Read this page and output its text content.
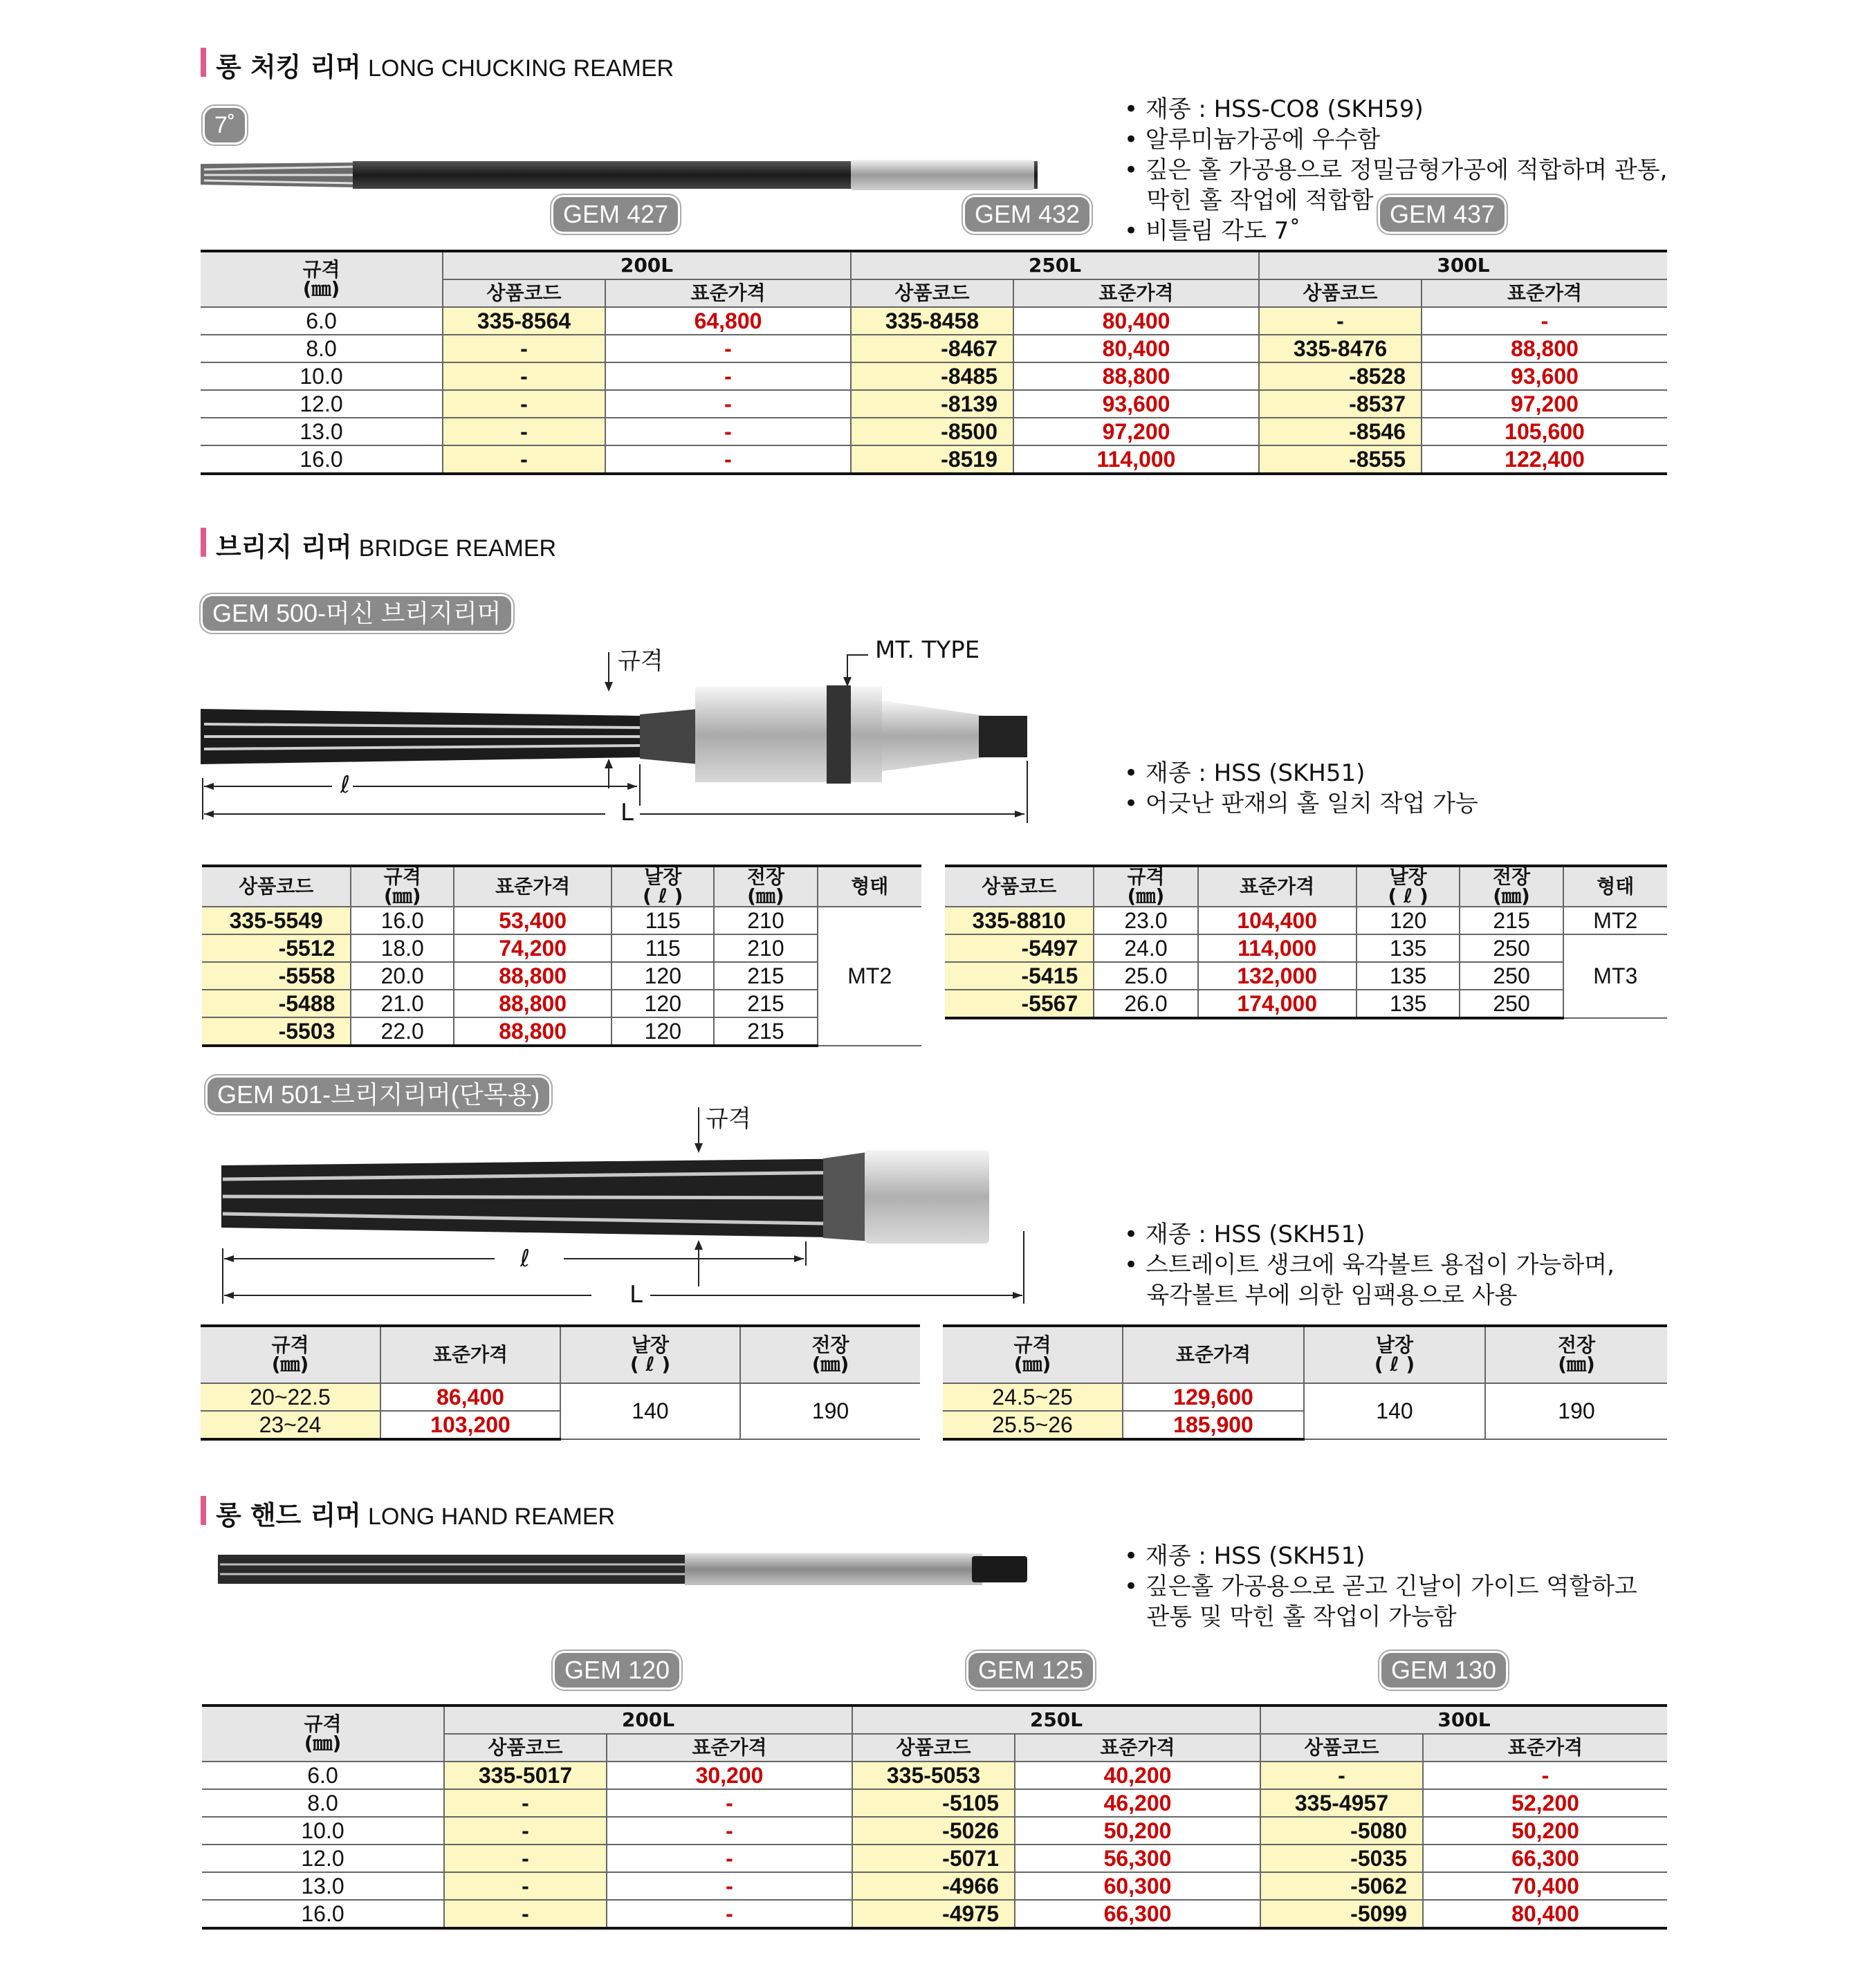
롱 처킹 리머 LONG CHUCKING REAMER
7˚
GEM 427	GEM 432	GEM 437
• 재종 : HSS-CO8 (SKH59)
• 알루미늄가공에 우수함
• 깊은 홀 가공용으로 정밀금형가공에 적합하며 관통,
막힌 홀 작업에 적합함
• 비틀림 각도 7˚
규격
(㎜)	200L		250L		300L	
	상품코드	표준가격	상품코드	표준가격	상품코드	표준가격
6.0	335-8564	64,800	335-8458	80,400	-	-
8.0	-	-	-8467	80,400	335-8476	88,800
10.0	-	-	-8485	88,800	-8528	93,600
12.0	-	-	-8139	93,600	-8537	97,200
13.0	-	-	-8500	97,200	-8546	105,600
16.0	-	-	-8519	114,000	-8555	122,400
브리지 리머 BRIDGE REAMER
GEM 500-머신 브리지리머
규격	MT. TYPE
ℓ
L
• 재종 : HSS (SKH51)
• 어긋난 판재의 홀 일치 작업 가능
상품코드	규격
(㎜)	표준가격	날장
( ℓ )	전장
(㎜)	형태
335-5549	16.0	53,400	115	210	MT2
-5512	18.0	74,200	115	210	
-5558	20.0	88,800	120	215	
-5488	21.0	88,800	120	215	
-5503	22.0	88,800	120	215	
상품코드	규격
(㎜)	표준가격	날장
( ℓ )	전장
(㎜)	형태
335-8810	23.0	104,400	120	215	MT2
-5497	24.0	114,000	135	250	MT3
-5415	25.0	132,000	135	250	
-5567	26.0	174,000	135	250	
GEM 501-브리지리머(단목용)
규격
ℓ
L
• 재종 : HSS (SKH51)
• 스트레이트 생크에 육각볼트 용접이 가능하며,
육각볼트 부에 의한 임팩용으로 사용
규격
(㎜)	표준가격	날장
( ℓ )	전장
(㎜)
20~22.5	86,400	140	190
23~24	103,200		
규격
(㎜)	표준가격	날장
( ℓ )	전장
(㎜)
24.5~25	129,600	140	190
25.5~26	185,900		
롱 핸드 리머 LONG HAND REAMER
• 재종 : HSS (SKH51)
• 깊은홀 가공용으로 곧고 긴날이 가이드 역할하고
관통 및 막힌 홀 작업이 가능함
GEM 120	GEM 125	GEM 130
규격
(㎜)	200L		250L		300L	
	상품코드	표준가격	상품코드	표준가격	상품코드	표준가격
6.0	335-5017	30,200	335-5053	40,200	-	-
8.0	-	-	-5105	46,200	335-4957	52,200
10.0	-	-	-5026	50,200	-5080	50,200
12.0	-	-	-5071	56,300	-5035	66,300
13.0	-	-	-4966	60,300	-5062	70,400
16.0	-	-	-4975	66,300	-5099	80,400
